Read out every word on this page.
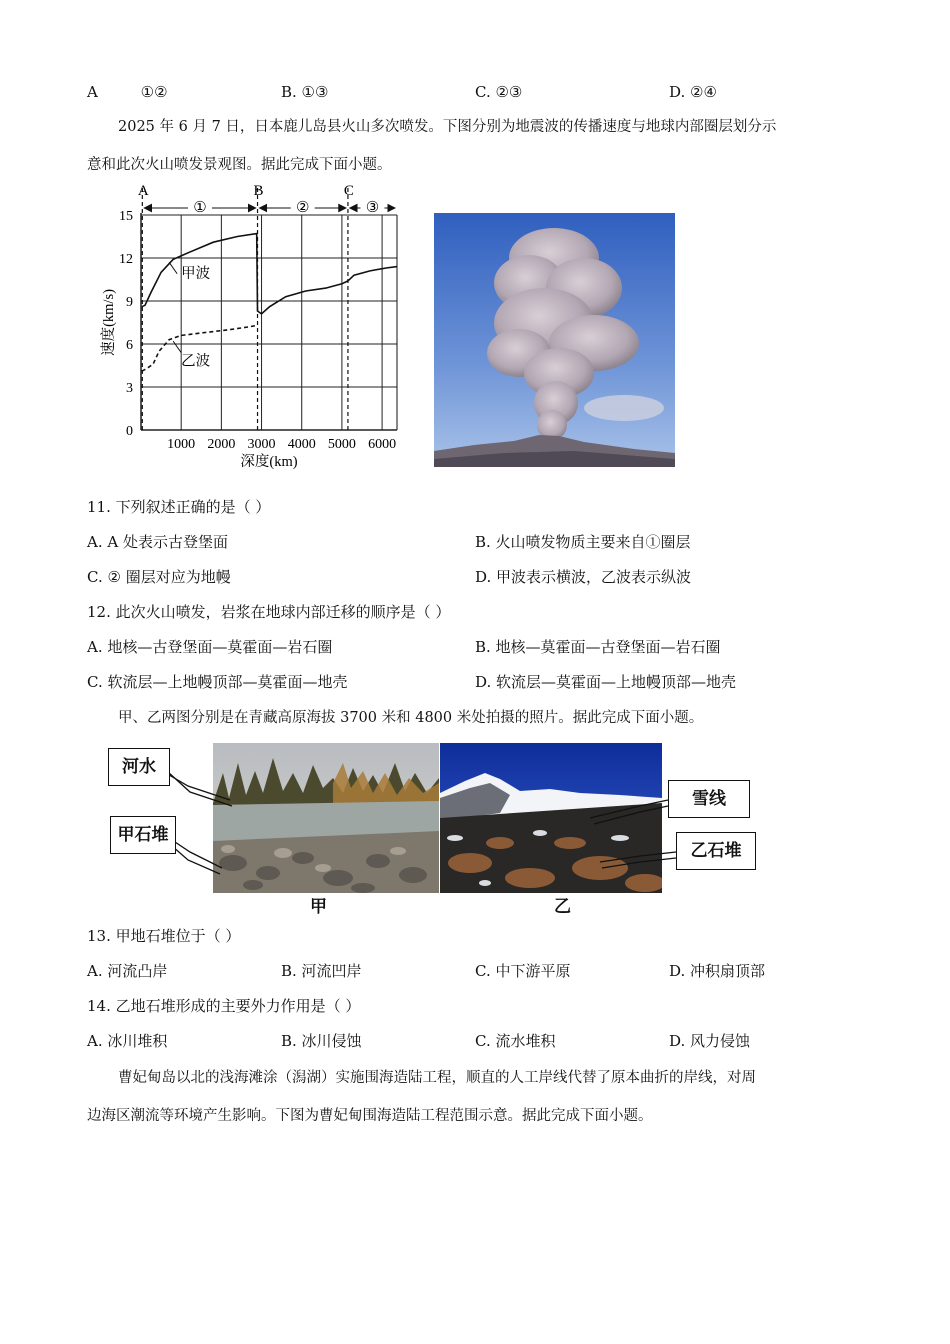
A	①②	B. ①③	C. ②③	D. ②④
2025 年 6 月 7 日，日本鹿儿岛县火山多次喷发。下图分别为地震波的传播速度与地球内部圈层划分示
意和此次火山喷发景观图。据此完成下面小题。
0
3
6
9
12
15
1000 2000 3000 4000 5000 6000
A	B	C
①	②	③
甲波
乙波
深度(km)
速度(km/s)
11. 下列叙述正确的是（ ）
A. A 处表示古登堡面	B. 火山喷发物质主要来自①圈层
C. ② 圈层对应为地幔	D. 甲波表示横波，乙波表示纵波
12. 此次火山喷发，岩浆在地球内部迁移的顺序是（ ）
A. 地核—古登堡面—莫霍面—岩石圈	B. 地核—莫霍面—古登堡面—岩石圈
C. 软流层—上地幔顶部—莫霍面—地壳	D. 软流层—莫霍面—上地幔顶部—地壳
甲、乙两图分别是在青藏高原海拔 3700 米和 4800 米处拍摄的照片。据此完成下面小题。
河水
甲石堆
雪线
乙石堆
甲	乙
13. 甲地石堆位于（ ）
A. 河流凸岸	B. 河流凹岸	C. 中下游平原	D. 冲积扇顶部
14. 乙地石堆形成的主要外力作用是（ ）
A. 冰川堆积	B. 冰川侵蚀	C. 流水堆积	D. 风力侵蚀
曹妃甸岛以北的浅海滩涂（潟湖）实施围海造陆工程，顺直的人工岸线代替了原本曲折的岸线，对周
边海区潮流等环境产生影响。下图为曹妃甸围海造陆工程范围示意。据此完成下面小题。
